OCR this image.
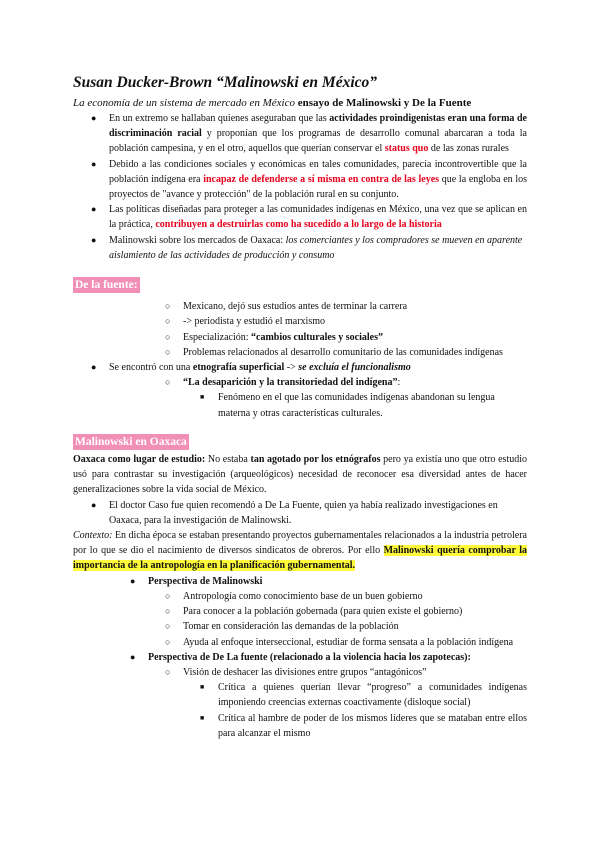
Susan Ducker-Brown “Malinowski en México”
La economía de un sistema de mercado en México ensayo de Malinowski y De la Fuente
● En un extremo se hallaban quienes aseguraban que las actividades proindigenistas eran una forma de discriminación racial y proponían que los programas de desarrollo comunal abarcaran a toda la población campesina, y en el otro, aquellos que querían conservar el status quo de las zonas rurales
● Debido a las condiciones sociales y económicas en tales comunidades, parecía incontrovertible que la población indígena era incapaz de defenderse a sí misma en contra de las leyes que la engloba en los proyectos de "avance y protección" de la población rural en su conjunto.
● Las políticas diseñadas para proteger a las comunidades indígenas en México, una vez que se aplican en la práctica, contribuyen a destruirlas como ha sucedido a lo largo de la historia
● Malinowski sobre los mercados de Oaxaca: los comerciantes y los compradores se mueven en aparente aislamiento de las actividades de producción y consumo
De la fuente:
○ Mexicano, dejó sus estudios antes de terminar la carrera
○ -> periodista y estudió el marxismo
○ Especialización: “cambios culturales y sociales”
○ Problemas relacionados al desarrollo comunitario de las comunidades indígenas
● Se encontró con una etnografía superficial -> se excluía el funcionalismo
○ “La desaparición y la transitoriedad del indígena”:
■ Fenómeno en el que las comunidades indígenas abandonan su lengua materna y otras características culturales.
Malinowski en Oaxaca
Oaxaca como lugar de estudio: No estaba tan agotado por los etnógrafos pero ya existía uno que otro estudio usó para contrastar su investigación (arqueológicos) necesidad de reconocer esa diversidad antes de hacer generalizaciones sobre la vida social de México.
● El doctor Caso fue quien recomendó a De La Fuente, quien ya había realizado investigaciones en Oaxaca, para la investigación de Malinowski.
Contexto: En dicha época se estaban presentando proyectos gubernamentales relacionados a la industria petrolera por lo que se dio el nacimiento de diversos sindicatos de obreros. Por ello Malinowski quería comprobar la importancia de la antropología en la planificación gubernamental.
● Perspectiva de Malinowski
○ Antropología como conocimiento base de un buen gobierno
○ Para conocer a la población gobernada (para quien existe el gobierno)
○ Tomar en consideración las demandas de la población
○ Ayuda al enfoque interseccional, estudiar de forma sensata a la población indígena
● Perspectiva de De La fuente (relacionado a la violencia hacia los zapotecas):
○ Visión de deshacer las divisiones entre grupos “antagónicos”
■ Crítica a quienes querían llevar “progreso” a comunidades indígenas imponiendo creencias externas coactivamente (disloque social)
■ Crítica al hambre de poder de los mismos líderes que se mataban entre ellos para alcanzar el mismo
